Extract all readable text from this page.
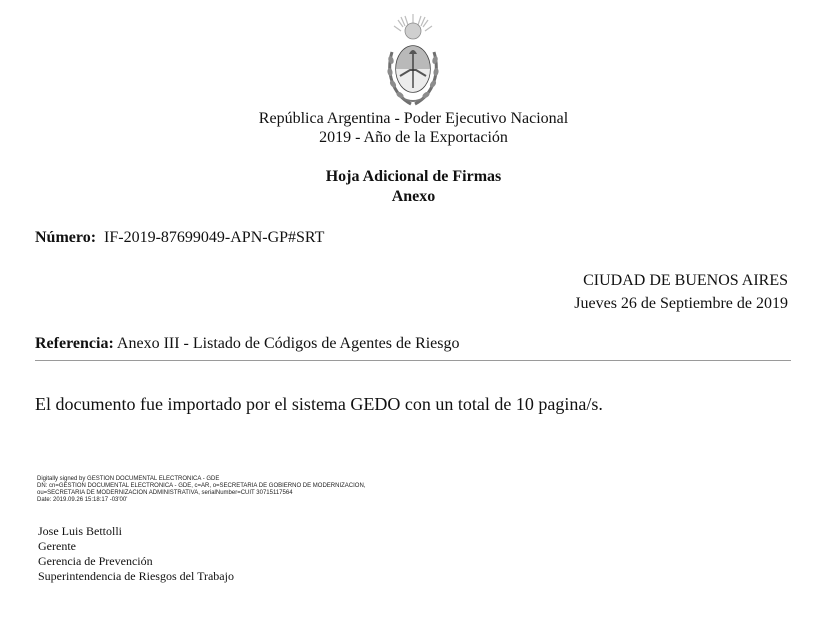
República Argentina - Poder Ejecutivo Nacional
2019 - Año de la Exportación
Hoja Adicional de Firmas
Anexo
Número: IF-2019-87699049-APN-GP#SRT
CIUDAD DE BUENOS AIRES
Jueves 26 de Septiembre de 2019
Referencia: Anexo III - Listado de Códigos de Agentes de Riesgo
El documento fue importado por el sistema GEDO con un total de 10 pagina/s.
Digitally signed by GESTION DOCUMENTAL ELECTRONICA - GDE
DN: cn=GESTION DOCUMENTAL ELECTRONICA - GDE, c=AR, o=SECRETARIA DE GOBIERNO DE MODERNIZACION,
ou=SECRETARIA DE MODERNIZACION ADMINISTRATIVA, serialNumber=CUIT 30715117564
Date: 2019.09.26 15:18:17 -03'00'
Jose Luis Bettolli
Gerente
Gerencia de Prevención
Superintendencia de Riesgos del Trabajo
